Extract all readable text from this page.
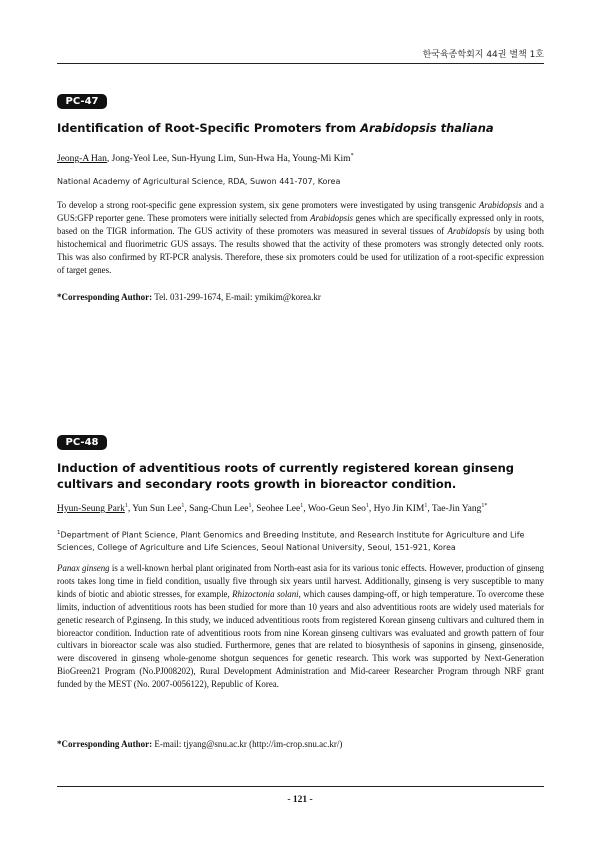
한국육종학회지 44권 별책 1호
PC-47
Identification of Root-Specific Promoters from Arabidopsis thaliana
Jeong-A Han, Jong-Yeol Lee, Sun-Hyung Lim, Sun-Hwa Ha, Young-Mi Kim*
National Academy of Agricultural Science, RDA, Suwon 441-707, Korea
To develop a strong root-specific gene expression system, six gene promoters were investigated by using transgenic Arabidopsis and a GUS:GFP reporter gene. These promoters were initially selected from Arabidopsis genes which are specifically expressed only in roots, based on the TIGR information. The GUS activity of these promoters was measured in several tissues of Arabidopsis by using both histochemical and fluorimetric GUS assays. The results showed that the activity of these promoters was strongly detected only roots. This was also confirmed by RT-PCR analysis. Therefore, these six promoters could be used for utilization of a root-specific expression of target genes.
*Corresponding Author: Tel. 031-299-1674, E-mail: ymikim@korea.kr
PC-48
Induction of adventitious roots of currently registered korean ginseng cultivars and secondary roots growth in bioreactor condition.
Hyun-Seung Park$^1$, Yun Sun Lee$^1$, Sang-Chun Lee$^1$, Seohee Lee$^1$, Woo-Geun Seo$^1$, Hyo Jin KIM$^1$, Tae-Jin Yang$^{1*}$
$^1$Department of Plant Science, Plant Genomics and Breeding Institute, and Research Institute for Agriculture and Life Sciences, College of Agriculture and Life Sciences, Seoul National University, Seoul, 151-921, Korea
Panax ginseng is a well-known herbal plant originated from North-east asia for its various tonic effects. However, production of ginseng roots takes long time in field condition, usually five through six years until harvest. Additionally, ginseng is very susceptible to many kinds of biotic and abiotic stresses, for example, Rhizoctonia solani, which causes damping-off, or high temperature. To overcome these limits, induction of adventitious roots has been studied for more than 10 years and also adventitious roots are widely used materials for genetic research of P.ginseng. In this study, we induced adventitious roots from registered Korean ginseng cultivars and cultured them in bioreactor condition. Induction rate of adventitious roots from nine Korean ginseng cultivars was evaluated and growth pattern of four cultivars in bioreactor scale was also studied. Furthermore, genes that are related to biosynthesis of saponins in ginseng, ginsenoside, were discovered in ginseng whole-genome shotgun sequences for genetic research. This work was supported by Next-Generation BioGreen21 Program (No.PJ008202), Rural Development Administration and Mid-career Researcher Program through NRF grant funded by the MEST (No. 2007-0056122), Republic of Korea.
*Corresponding Author: E-mail: tjyang@snu.ac.kr (http://im-crop.snu.ac.kr/)
- 121 -
